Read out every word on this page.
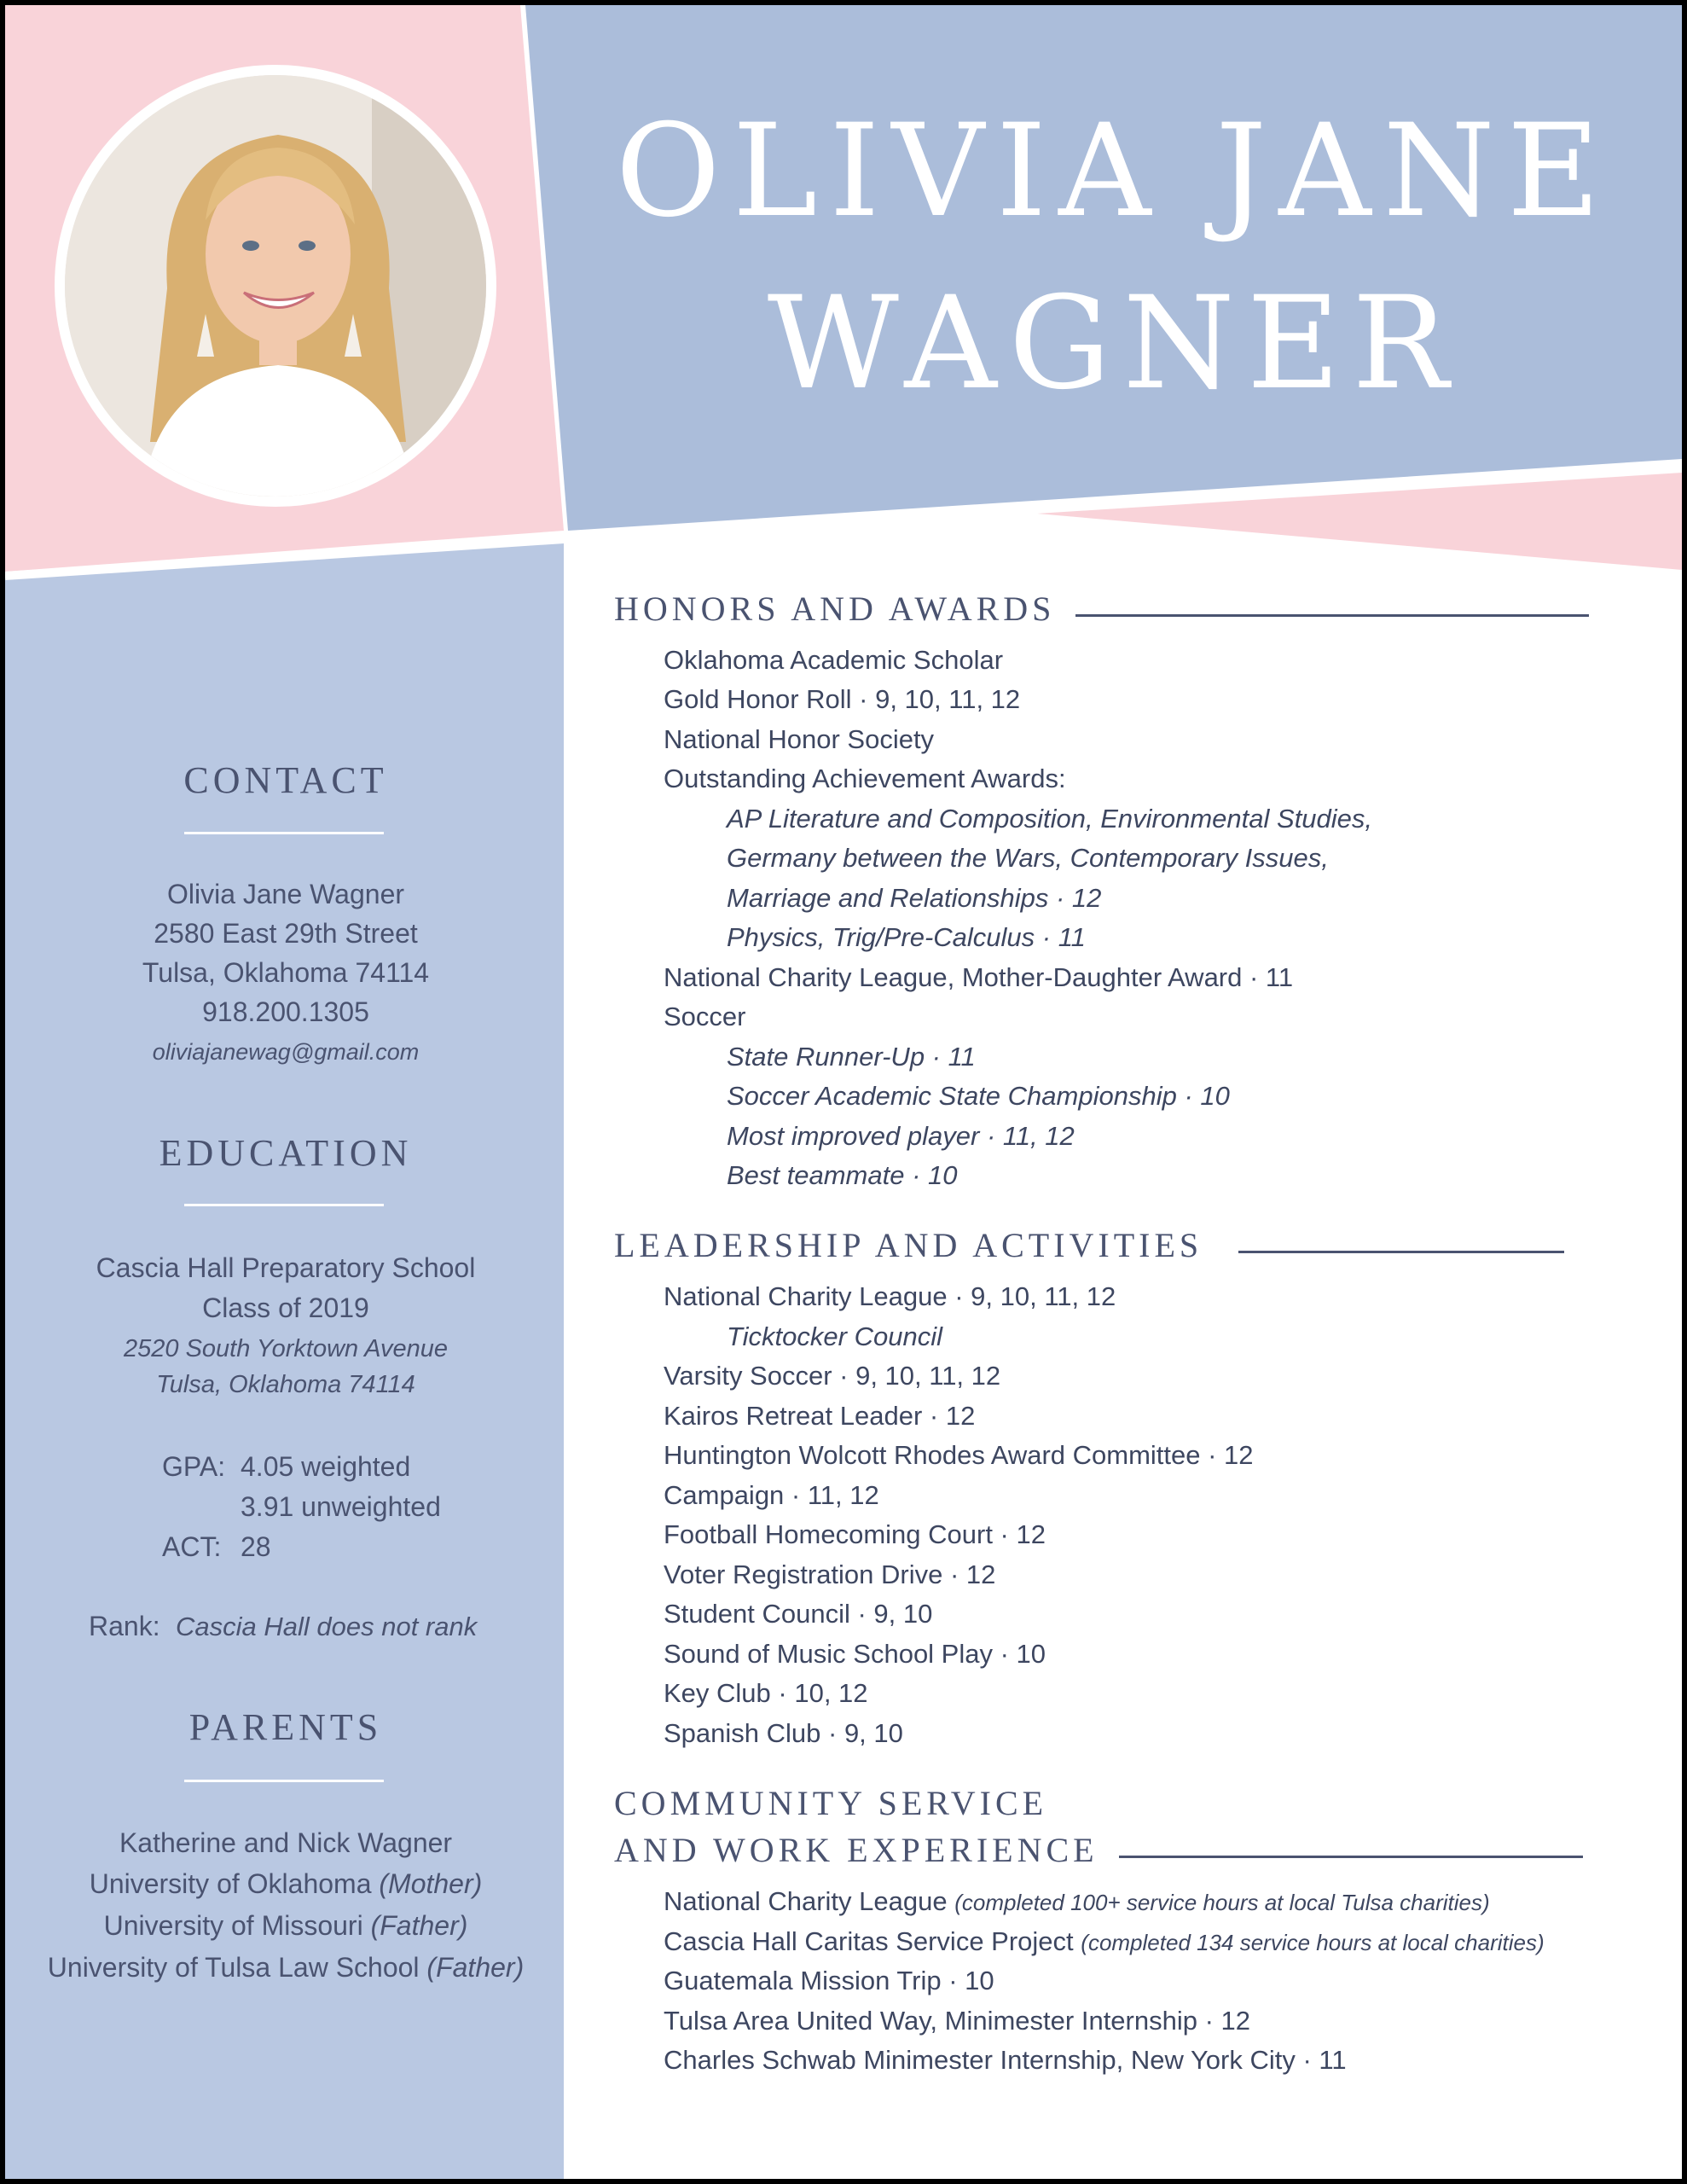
OLIVIA JANE
WAGNER
CONTACT
Olivia Jane Wagner
2580 East 29th Street
Tulsa, Oklahoma 74114
918.200.1305
oliviajanewag@gmail.com
EDUCATION
Cascia Hall Preparatory School
Class of 2019
2520 South Yorktown Avenue
Tulsa, Oklahoma 74114
GPA: 4.05 weighted
3.91 unweighted
ACT: 28
Rank: Cascia Hall does not rank
PARENTS
Katherine and Nick Wagner
University of Oklahoma (Mother)
University of Missouri (Father)
University of Tulsa Law School (Father)
HONORS AND AWARDS
Oklahoma Academic Scholar
Gold Honor Roll · 9, 10, 11, 12
National Honor Society
Outstanding Achievement Awards:
AP Literature and Composition, Environmental Studies,
Germany between the Wars, Contemporary Issues,
Marriage and Relationships · 12
Physics, Trig/Pre-Calculus · 11
National Charity League, Mother-Daughter Award · 11
Soccer
State Runner-Up · 11
Soccer Academic State Championship · 10
Most improved player · 11, 12
Best teammate · 10
LEADERSHIP AND ACTIVITIES
National Charity League · 9, 10, 11, 12
Ticktocker Council
Varsity Soccer · 9, 10, 11, 12
Kairos Retreat Leader · 12
Huntington Wolcott Rhodes Award Committee · 12
Campaign · 11, 12
Football Homecoming Court · 12
Voter Registration Drive · 12
Student Council · 9, 10
Sound of Music School Play · 10
Key Club · 10, 12
Spanish Club · 9, 10
COMMUNITY SERVICE
AND WORK EXPERIENCE
National Charity League (completed 100+ service hours at local Tulsa charities)
Cascia Hall Caritas Service Project (completed 134 service hours at local charities)
Guatemala Mission Trip · 10
Tulsa Area United Way, Minimester Internship · 12
Charles Schwab Minimester Internship, New York City · 11
